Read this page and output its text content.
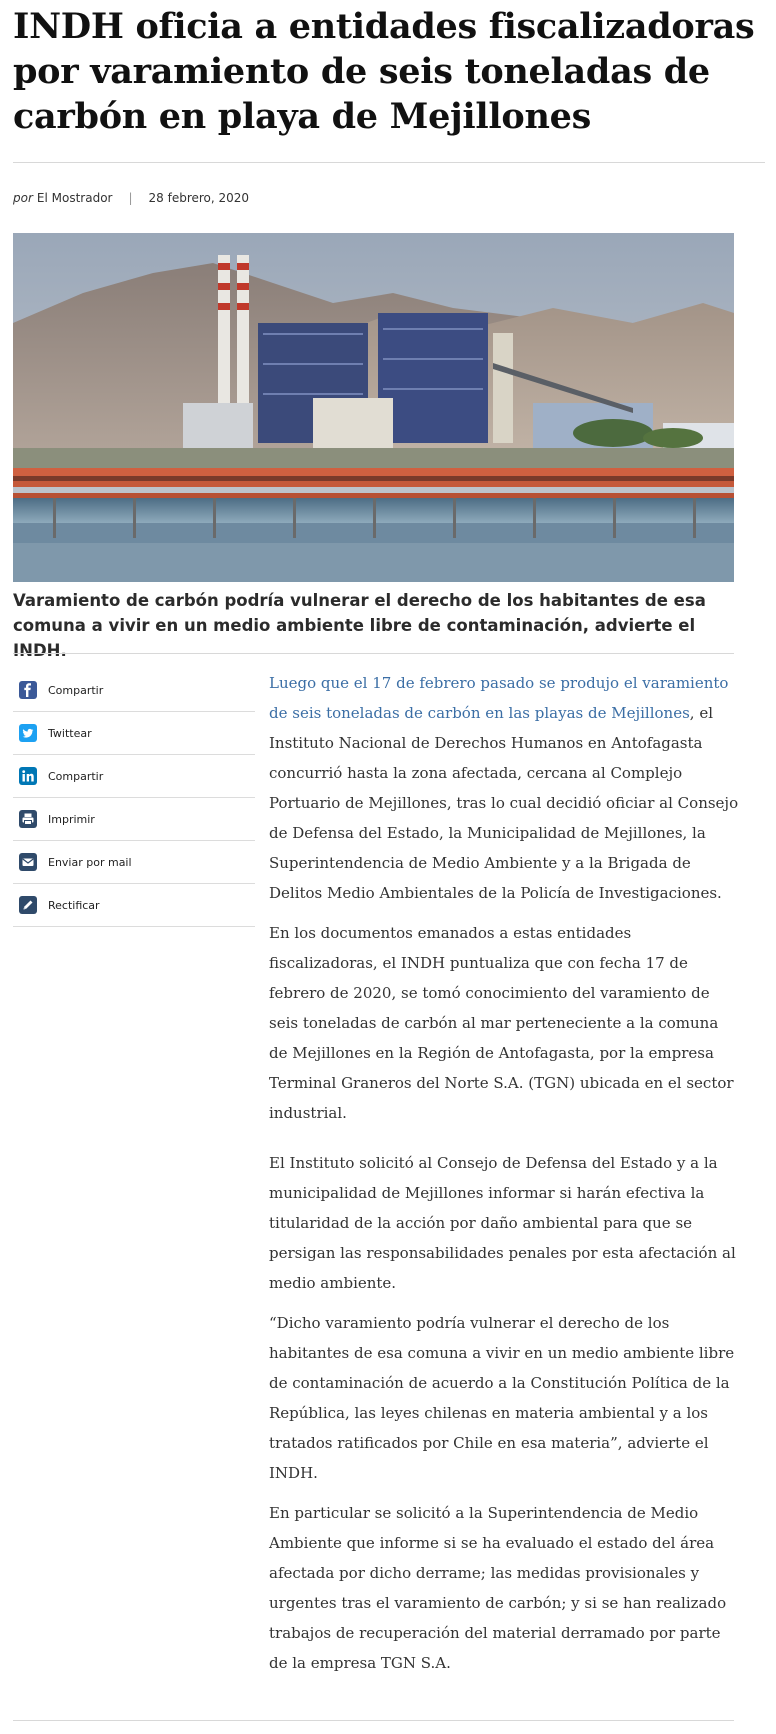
INDH oficia a entidades fiscalizadoras por varamiento de seis toneladas de carbón en playa de Mejillones
por El Mostrador | 28 febrero, 2020
Varamiento de carbón podría vulnerar el derecho de los habitantes de esa comuna a vivir en un medio ambiente libre de contaminación, advierte el INDH.
Compartir
Twittear
Compartir
Imprimir
Enviar por mail
Rectificar

Luego que el 17 de febrero pasado se produjo el varamiento de seis toneladas de carbón en las playas de Mejillones, el Instituto Nacional de Derechos Humanos en Antofagasta concurrió hasta la zona afectada, cercana al Complejo Portuario de Mejillones, tras lo cual decidió oficiar al Consejo de Defensa del Estado, la Municipalidad de Mejillones, la Superintendencia de Medio Ambiente y a la Brigada de Delitos Medio Ambientales de la Policía de Investigaciones.

En los documentos emanados a estas entidades fiscalizadoras, el INDH puntualiza que con fecha 17 de febrero de 2020, se tomó conocimiento del varamiento de seis toneladas de carbón al mar perteneciente a la comuna de Mejillones en la Región de Antofagasta, por la empresa Terminal Graneros del Norte S.A. (TGN) ubicada en el sector industrial.

El Instituto solicitó al Consejo de Defensa del Estado y a la municipalidad de Mejillones informar si harán efectiva la titularidad de la acción por daño ambiental para que se persigan las responsabilidades penales por esta afectación al medio ambiente.

“Dicho varamiento podría vulnerar el derecho de los habitantes de esa comuna a vivir en un medio ambiente libre de contaminación de acuerdo a la Constitución Política de la República, las leyes chilenas en materia ambiental y a los tratados ratificados por Chile en esa materia”, advierte el INDH.

En particular se solicitó a la Superintendencia de Medio Ambiente que informe si se ha evaluado el estado del área afectada por dicho derrame; las medidas provisionales y urgentes tras el varamiento de carbón; y si se han realizado trabajos de recuperación del material derramado por parte de la empresa TGN S.A.
